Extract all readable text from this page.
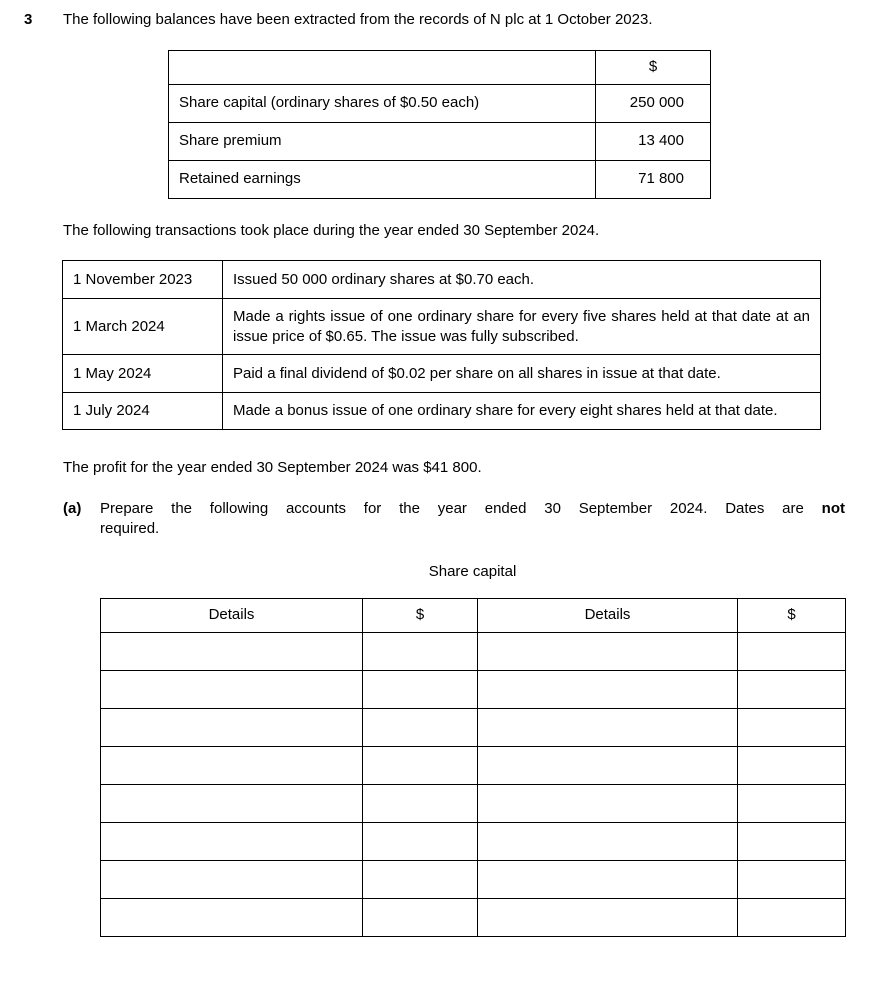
3	The following balances have been extracted from the records of N plc at 1 October 2023.
	$
Share capital (ordinary shares of $0.50 each)	250 000
Share premium	13 400
Retained earnings	71 800
The following transactions took place during the year ended 30 September 2024.
1 November 2023	Issued 50 000 ordinary shares at $0.70 each.
1 March 2024	Made a rights issue of one ordinary share for every five shares held at that date at an issue price of $0.65. The issue was fully subscribed.
1 May 2024	Paid a final dividend of $0.02 per share on all shares in issue at that date.
1 July 2024	Made a bonus issue of one ordinary share for every eight shares held at that date.
The profit for the year ended 30 September 2024 was $41 800.
(a)	Prepare the following accounts for the year ended 30 September 2024. Dates are not
required.
Share capital
Details	$	Details	$
